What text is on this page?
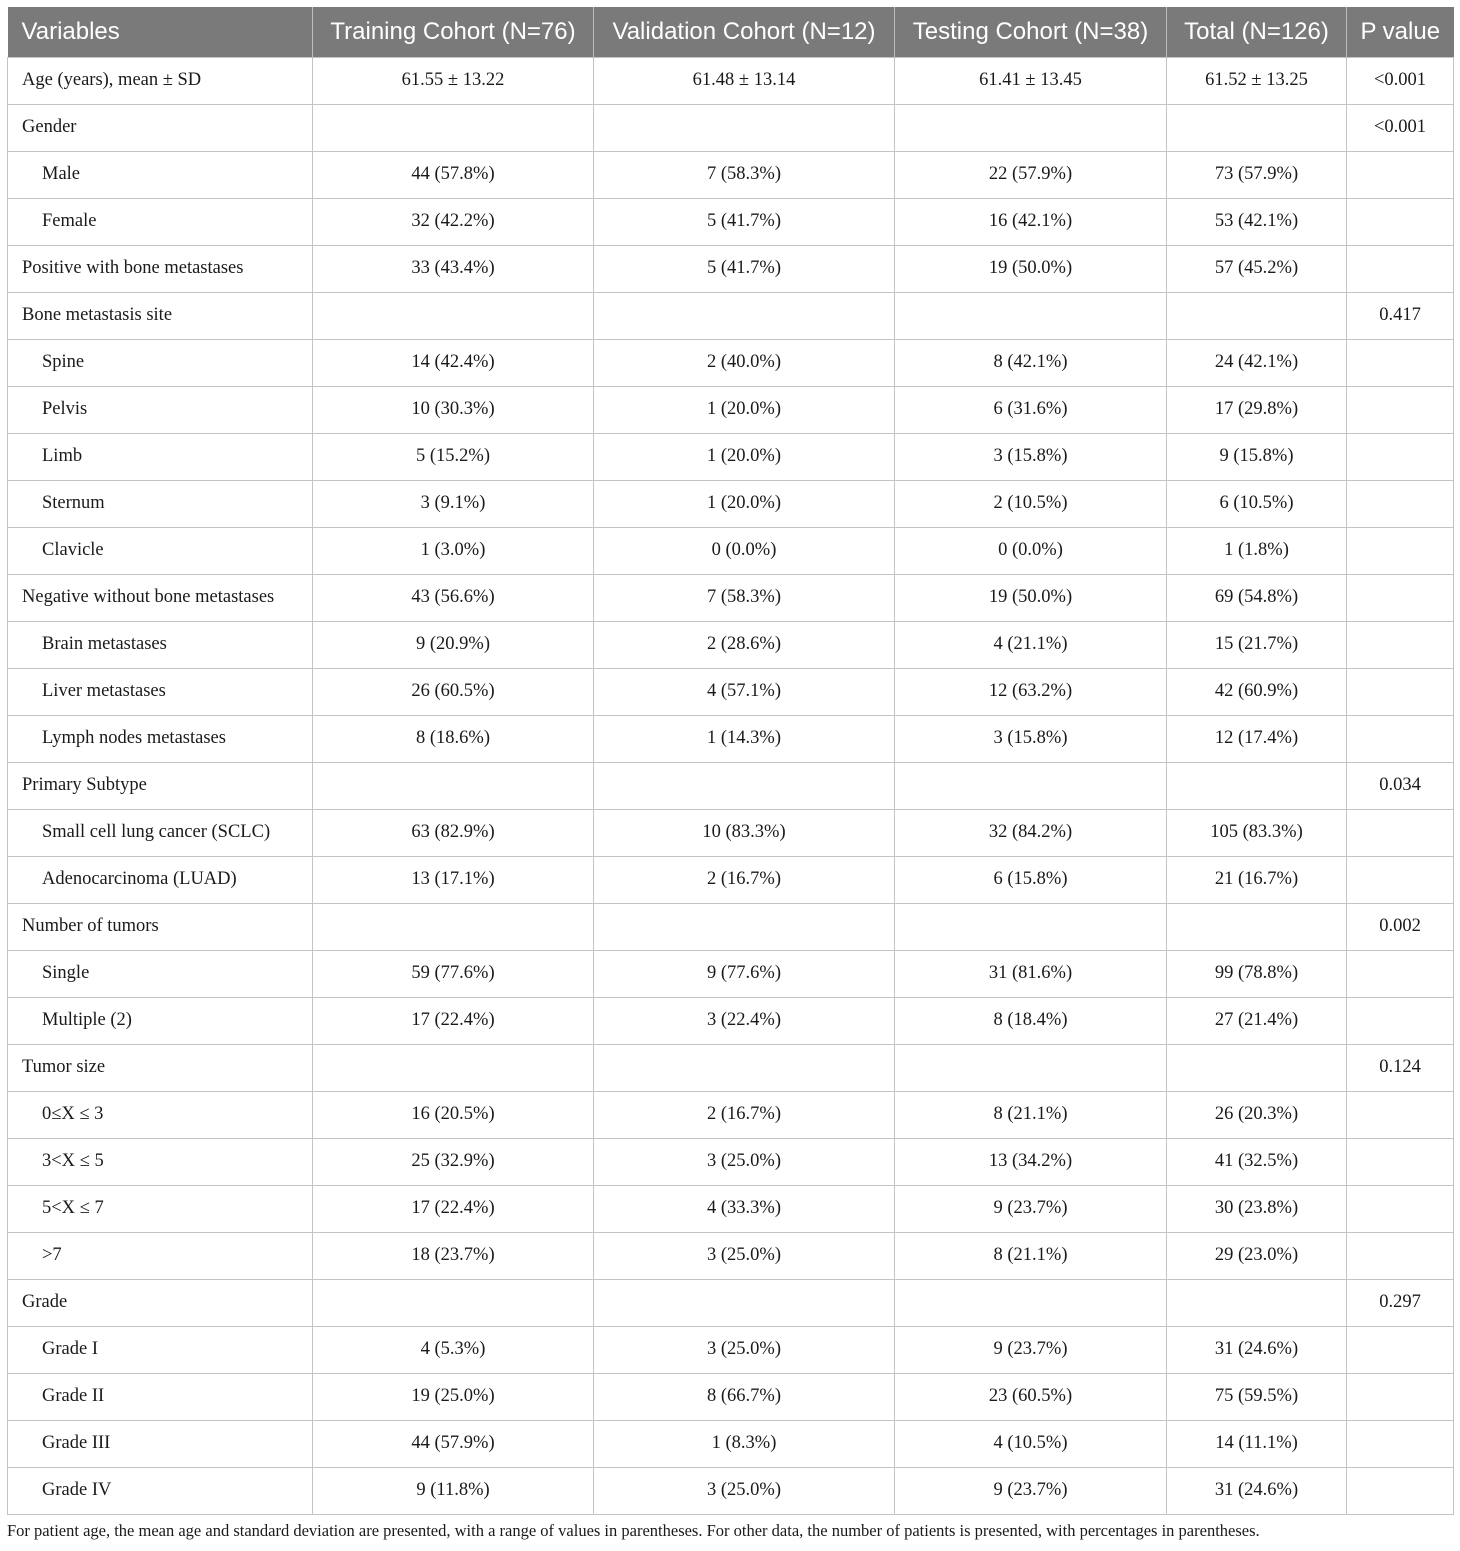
Variables	Training Cohort (N=76)	Validation Cohort (N=12)	Testing Cohort (N=38)	Total (N=126)	P value
Age (years), mean ± SD	61.55 ± 13.22	61.48 ± 13.14	61.41 ± 13.45	61.52 ± 13.25	<0.001
Gender					<0.001
Male	44 (57.8%)	7 (58.3%)	22 (57.9%)	73 (57.9%)	
Female	32 (42.2%)	5 (41.7%)	16 (42.1%)	53 (42.1%)	
Positive with bone metastases	33 (43.4%)	5 (41.7%)	19 (50.0%)	57 (45.2%)	
Bone metastasis site					0.417
Spine	14 (42.4%)	2 (40.0%)	8 (42.1%)	24 (42.1%)	
Pelvis	10 (30.3%)	1 (20.0%)	6 (31.6%)	17 (29.8%)	
Limb	5 (15.2%)	1 (20.0%)	3 (15.8%)	9 (15.8%)	
Sternum	3 (9.1%)	1 (20.0%)	2 (10.5%)	6 (10.5%)	
Clavicle	1 (3.0%)	0 (0.0%)	0 (0.0%)	1 (1.8%)	
Negative without bone metastases	43 (56.6%)	7 (58.3%)	19 (50.0%)	69 (54.8%)	
Brain metastases	9 (20.9%)	2 (28.6%)	4 (21.1%)	15 (21.7%)	
Liver metastases	26 (60.5%)	4 (57.1%)	12 (63.2%)	42 (60.9%)	
Lymph nodes metastases	8 (18.6%)	1 (14.3%)	3 (15.8%)	12 (17.4%)	
Primary Subtype					0.034
Small cell lung cancer (SCLC)	63 (82.9%)	10 (83.3%)	32 (84.2%)	105 (83.3%)	
Adenocarcinoma (LUAD)	13 (17.1%)	2 (16.7%)	6 (15.8%)	21 (16.7%)	
Number of tumors					0.002
Single	59 (77.6%)	9 (77.6%)	31 (81.6%)	99 (78.8%)	
Multiple (2)	17 (22.4%)	3 (22.4%)	8 (18.4%)	27 (21.4%)	
Tumor size					0.124
0≤X ≤ 3	16 (20.5%)	2 (16.7%)	8 (21.1%)	26 (20.3%)	
3<X ≤ 5	25 (32.9%)	3 (25.0%)	13 (34.2%)	41 (32.5%)	
5<X ≤ 7	17 (22.4%)	4 (33.3%)	9 (23.7%)	30 (23.8%)	
>7	18 (23.7%)	3 (25.0%)	8 (21.1%)	29 (23.0%)	
Grade					0.297
Grade I	4 (5.3%)	3 (25.0%)	9 (23.7%)	31 (24.6%)	
Grade II	19 (25.0%)	8 (66.7%)	23 (60.5%)	75 (59.5%)	
Grade III	44 (57.9%)	1 (8.3%)	4 (10.5%)	14 (11.1%)	
Grade IV	9 (11.8%)	3 (25.0%)	9 (23.7%)	31 (24.6%)	
For patient age, the mean age and standard deviation are presented, with a range of values in parentheses. For other data, the number of patients is presented, with percentages in parentheses.
